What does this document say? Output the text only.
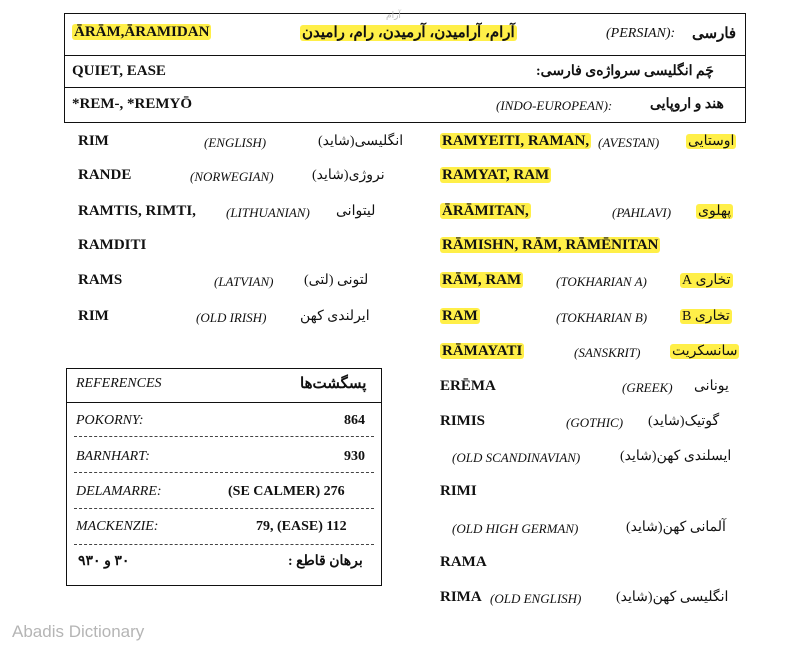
آرام
ĀRĀM,ĀRAMIDAN	آرام، آرامیدن، آرمیدن، رام، رامیدن	(PERSIAN): فارسی
QUIET, EASE	چَم انگلیسی سرواژه‌ی فارسی:
*REM-, *REMYŌ	(INDO-EUROPEAN):	هند و اروپایی
RIM	(ENGLISH)	انگلیسی(شاید)
RANDE	(NORWEGIAN)	نروژی(شاید)
RAMTIS, RIMTI, (LITHUANIAN) لیتوانی
RAMDITI
RAMS	(LATVIAN) لتونی (لتی)
RIM	(OLD IRISH) ایرلندی کهن
RAMYEITI, RAMAN, (AVESTAN) اوستایی
RAMYAT, RAM
ĀRĀMITAN,	(PAHLAVI) پهلوی
RĀMISHN, RĀM, RĀMĒNITAN
RĀM, RAM	(TOKHARIAN A)	تخاری A
RAM	(TOKHARIAN B) تخاری B
RĀMAYATI	(SANSKRIT) سانسکریت
ERĒMA	(GREEK) یونانی
RIMIS	(GOTHIC) گوتیک(شاید)
(OLD SCANDINAVIAN)	ایسلندی کهن(شاید)
RIMI
(OLD HIGH GERMAN)	آلمانی کهن(شاید)
RAMA
RIMA (OLD ENGLISH) انگلیسی کهن(شاید)
REFERENCES	پسگشت‌ها
POKORNY:	864
BARNHART:	930
DELAMARRE:	(SE CALMER) 276
MACKENZIE:	79, (EASE) 112
۳۰ و ۹۳۰	برهان قاطع :
Abadis Dictionary
